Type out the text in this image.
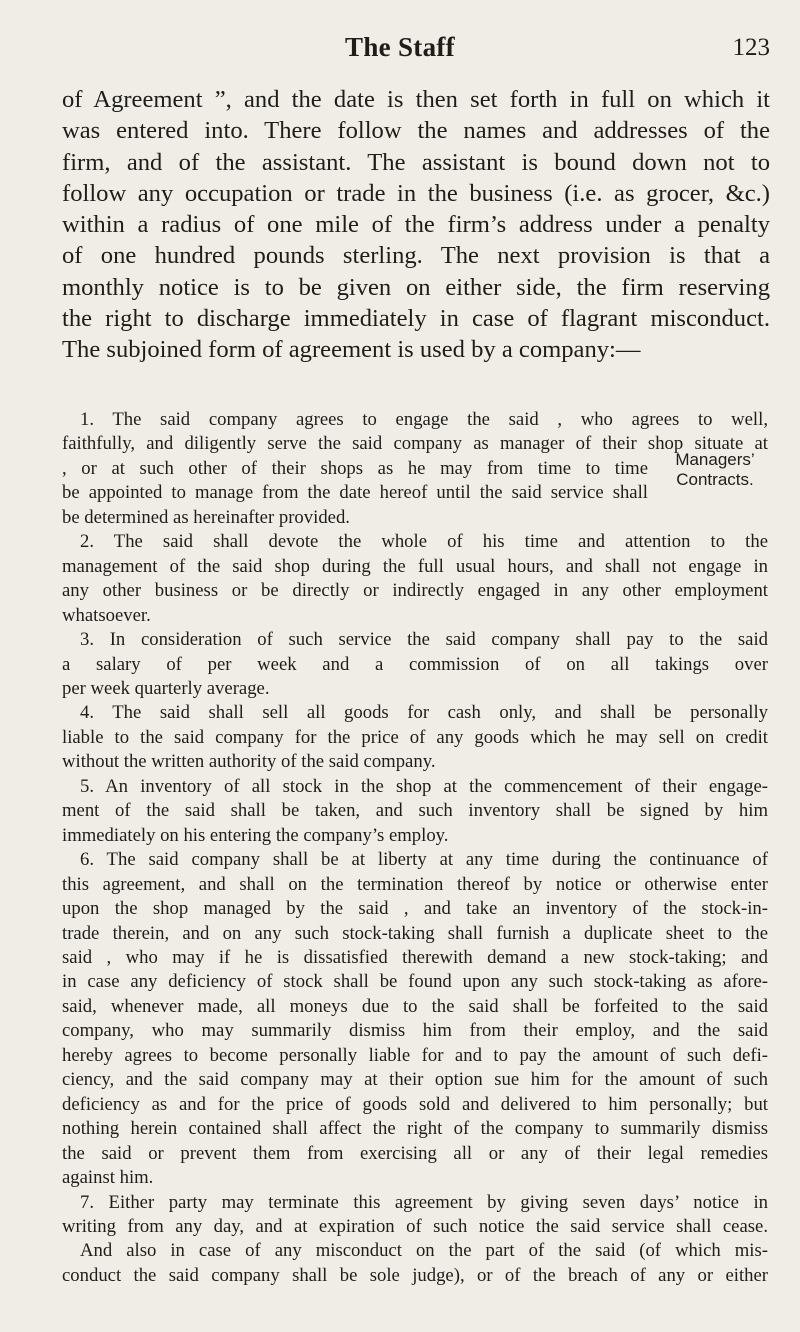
The Staff	123
of Agreement ”, and the date is then set forth in full on which it
was entered into. There follow the names and addresses of the
firm, and of the assistant. The assistant is bound down not to
follow any occupation or trade in the business (i.e. as grocer, &c.)
within a radius of one mile of the firm’s address under a penalty
of one hundred pounds sterling. The next provision is that a
monthly notice is to be given on either side, the firm reserving
the right to discharge immediately in case of flagrant misconduct.
The subjoined form of agreement is used by a company:—
Managers’
Contracts.
1. The said company agrees to engage the said , who agrees to well,
faithfully, and diligently serve the said company as manager of their shop situate at
, or at such other of their shops as he may from time to time
be appointed to manage from the date hereof until the said service shall
be determined as hereinafter provided.
2. The said shall devote the whole of his time and attention to the
management of the said shop during the full usual hours, and shall not engage in
any other business or be directly or indirectly engaged in any other employment
whatsoever.
3. In consideration of such service the said company shall pay to the said
a salary of per week and a commission of on all takings over
per week quarterly average.
4. The said shall sell all goods for cash only, and shall be personally
liable to the said company for the price of any goods which he may sell on credit
without the written authority of the said company.
5. An inventory of all stock in the shop at the commencement of their engage-
ment of the said shall be taken, and such inventory shall be signed by him
immediately on his entering the company’s employ.
6. The said company shall be at liberty at any time during the continuance of
this agreement, and shall on the termination thereof by notice or otherwise enter
upon the shop managed by the said , and take an inventory of the stock-in-
trade therein, and on any such stock-taking shall furnish a duplicate sheet to the
said , who may if he is dissatisfied therewith demand a new stock-taking; and
in case any deficiency of stock shall be found upon any such stock-taking as afore-
said, whenever made, all moneys due to the said shall be forfeited to the said
company, who may summarily dismiss him from their employ, and the said
hereby agrees to become personally liable for and to pay the amount of such defi-
ciency, and the said company may at their option sue him for the amount of such
deficiency as and for the price of goods sold and delivered to him personally; but
nothing herein contained shall affect the right of the company to summarily dismiss
the said or prevent them from exercising all or any of their legal remedies
against him.
7. Either party may terminate this agreement by giving seven days’ notice in
writing from any day, and at expiration of such notice the said service shall cease.
And also in case of any misconduct on the part of the said (of which mis-
conduct the said company shall be sole judge), or of the breach of any or either
